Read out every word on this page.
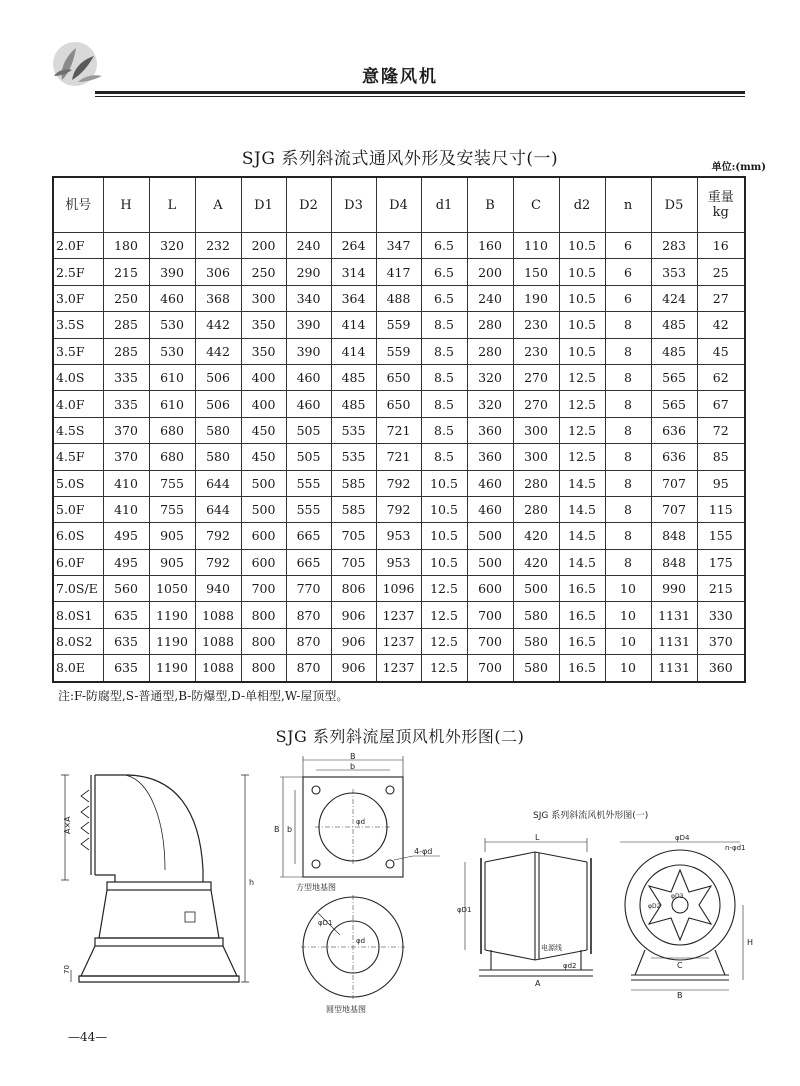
意隆风机
SJG 系列斜流式通风外形及安装尺寸(一)	单位:(mm)
机号	H	L	A	D1	D2	D3	D4	d1	B	C	d2	n	D5	重量
kg
2.0F	180	320	232	200	240	264	347	6.5	160	110	10.5	6	283	16
2.5F	215	390	306	250	290	314	417	6.5	200	150	10.5	6	353	25
3.0F	250	460	368	300	340	364	488	6.5	240	190	10.5	6	424	27
3.5S	285	530	442	350	390	414	559	8.5	280	230	10.5	8	485	42
3.5F	285	530	442	350	390	414	559	8.5	280	230	10.5	8	485	45
4.0S	335	610	506	400	460	485	650	8.5	320	270	12.5	8	565	62
4.0F	335	610	506	400	460	485	650	8.5	320	270	12.5	8	565	67
4.5S	370	680	580	450	505	535	721	8.5	360	300	12.5	8	636	72
4.5F	370	680	580	450	505	535	721	8.5	360	300	12.5	8	636	85
5.0S	410	755	644	500	555	585	792	10.5	460	280	14.5	8	707	95
5.0F	410	755	644	500	555	585	792	10.5	460	280	14.5	8	707	115
6.0S	495	905	792	600	665	705	953	10.5	500	420	14.5	8	848	155
6.0F	495	905	792	600	665	705	953	10.5	500	420	14.5	8	848	175
7.0S/E	560	1050	940	700	770	806	1096	12.5	600	500	16.5	10	990	215
8.0S1	635	1190	1088	800	870	906	1237	12.5	700	580	16.5	10	1131	330
8.0S2	635	1190	1088	800	870	906	1237	12.5	700	580	16.5	10	1131	370
8.0E	635	1190	1088	800	870	906	1237	12.5	700	580	16.5	10	1131	360
注:F-防腐型,S-普通型,B-防爆型,D-单相型,W-屋顶型。
SJG 系列斜流屋顶风机外形图(二)
A×A
h
70
B
b
B b
φd
4-φd
方型地基图
φD1
φd
圆型地基图
SJG 系列斜流风机外形图(一)
L
φD1
电源线
φd2
A
φD4
n-φd1
φD2
φD3
C
B
H
—44—
